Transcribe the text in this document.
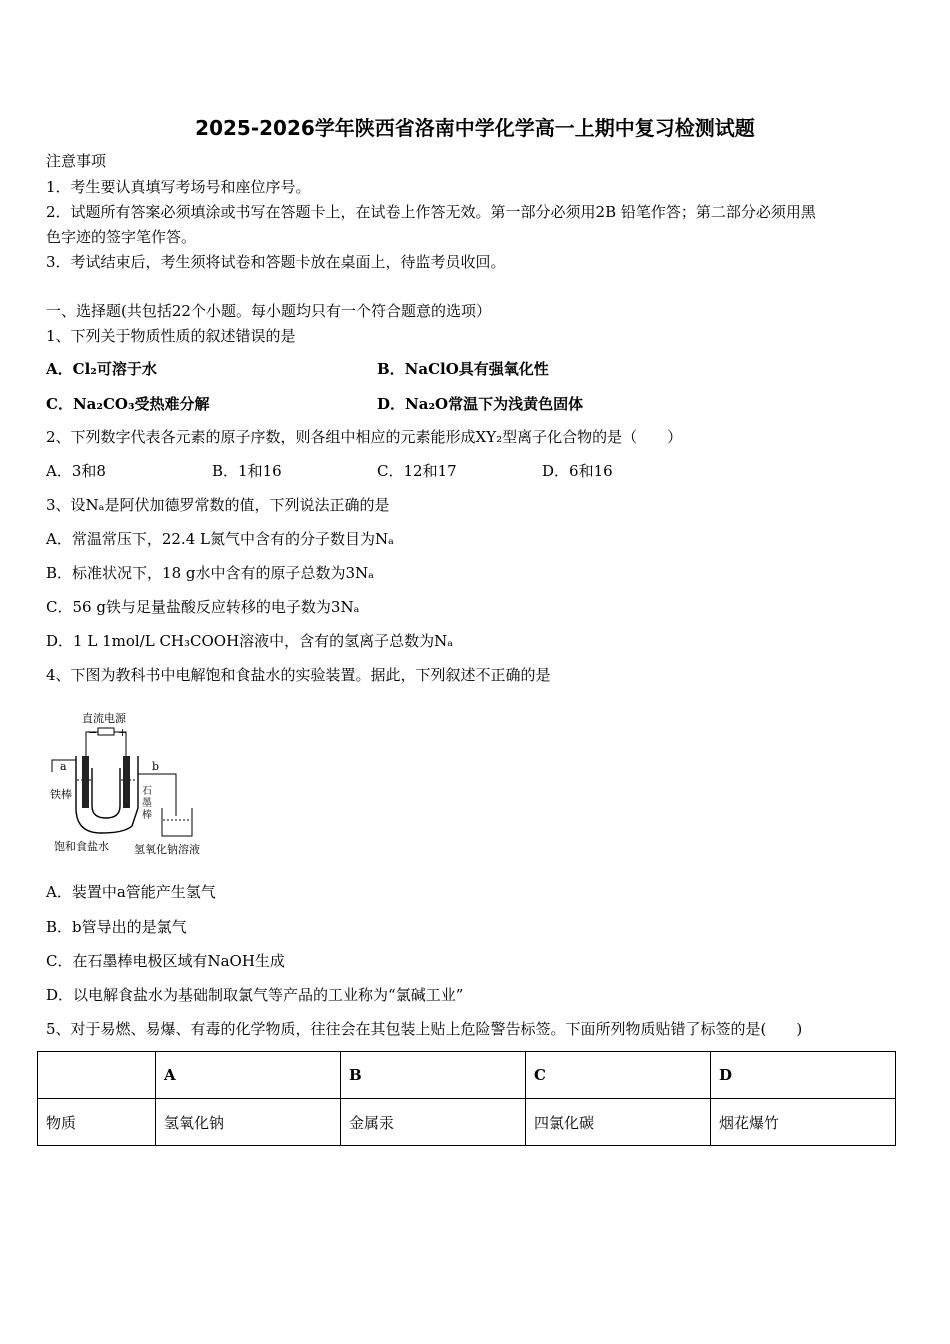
2025-2026学年陕西省洛南中学化学高一上期中复习检测试题
注意事项
1．考生要认真填写考场号和座位序号。
2．试题所有答案必须填涂或书写在答题卡上，在试卷上作答无效。第一部分必须用2B 铅笔作答；第二部分必须用黑
色字迹的签字笔作答。
3．考试结束后，考生须将试卷和答题卡放在桌面上，待监考员收回。
一、选择题(共包括22个小题。每小题均只有一个符合题意的选项）
1、下列关于物质性质的叙述错误的是
A．Cl₂可溶于水	B．NaClO具有强氧化性
C．Na₂CO₃受热难分解	D．Na₂O常温下为浅黄色固体
2、下列数字代表各元素的原子序数，则各组中相应的元素能形成XY₂型离子化合物的是（　　）
A．3和8	B．1和16	C．12和17	D．6和16
3、设Nₐ是阿伏加德罗常数的值，下列说法正确的是
A．常温常压下，22.4 L氮气中含有的分子数目为Nₐ
B．标准状况下，18 g水中含有的原子总数为3Nₐ
C．56 g铁与足量盐酸反应转移的电子数为3Nₐ
D．1 L 1mol/L CH₃COOH溶液中，含有的氢离子总数为Nₐ
4、下图为教科书中电解饱和食盐水的实验装置。据此，下列叙述不正确的是
直流电源
− +
a	b
铁棒	石墨棒
饱和食盐水 氢氧化钠溶液
A．装置中a管能产生氢气
B．b管导出的是氯气
C．在石墨棒电极区域有NaOH生成
D．以电解食盐水为基础制取氯气等产品的工业称为“氯碱工业”
5、对于易燃、易爆、有毒的化学物质，往往会在其包装上贴上危险警告标签。下面所列物质贴错了标签的是(　　)
	A	B	C	D
物质	氢氧化钠	金属汞	四氯化碳	烟花爆竹
